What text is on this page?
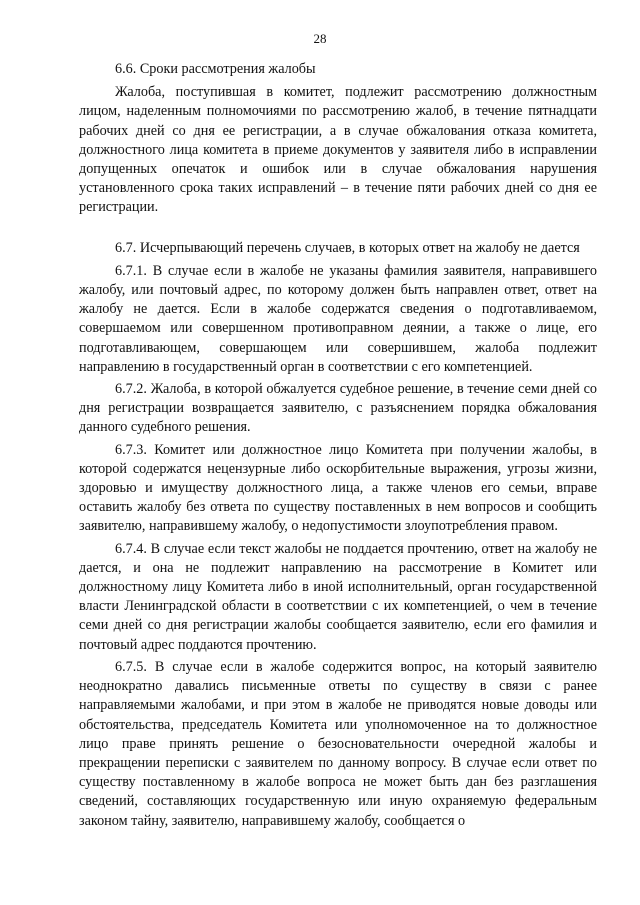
28

6.6. Сроки рассмотрения жалобы

Жалоба, поступившая в комитет, подлежит рассмотрению должностным лицом, наделенным полномочиями по рассмотрению жалоб, в течение пятнадцати рабочих дней со дня ее регистрации, а в случае обжалования отказа комитета, должностного лица комитета в приеме документов у заявителя либо в исправлении допущенных опечаток и ошибок или в случае обжалования нарушения установленного срока таких исправлений – в течение пяти рабочих дней со дня ее регистрации.

6.7. Исчерпывающий перечень случаев, в которых ответ на жалобу не дается

6.7.1. В случае если в жалобе не указаны фамилия заявителя, направившего жалобу, или почтовый адрес, по которому должен быть направлен ответ, ответ на жалобу не дается. Если в жалобе содержатся сведения о подготавливаемом, совершаемом или совершенном противоправном деянии, а также о лице, его подготавливающем, совершающем или совершившем, жалоба подлежит направлению в государственный орган в соответствии с его компетенцией.

6.7.2. Жалоба, в которой обжалуется судебное решение, в течение семи дней со дня регистрации возвращается заявителю, с разъяснением порядка обжалования данного судебного решения.

6.7.3. Комитет или должностное лицо Комитета при получении жалобы, в которой содержатся нецензурные либо оскорбительные выражения, угрозы жизни, здоровью и имуществу должностного лица, а также членов его семьи, вправе оставить жалобу без ответа по существу поставленных в нем вопросов и сообщить заявителю, направившему жалобу, о недопустимости злоупотребления правом.

6.7.4. В случае если текст жалобы не поддается прочтению, ответ на жалобу не дается, и она не подлежит направлению на рассмотрение в Комитет или должностному лицу Комитета либо в иной исполнительный, орган государственной власти Ленинградской области в соответствии с их компетенцией, о чем в течение семи дней со дня регистрации жалобы сообщается заявителю, если его фамилия и почтовый адрес поддаются прочтению.

6.7.5. В случае если в жалобе содержится вопрос, на который заявителю неоднократно давались письменные ответы по существу в связи с ранее направляемыми жалобами, и при этом в жалобе не приводятся новые доводы или обстоятельства, председатель Комитета или уполномоченное на то должностное лицо праве принять решение о безосновательности очередной жалобы и прекращении переписки с заявителем по данному вопросу. В случае если ответ по существу поставленному в жалобе вопроса не может быть дан без разглашения сведений, составляющих государственную или иную охраняемую федеральным законом тайну, заявителю, направившему жалобу, сообщается о
